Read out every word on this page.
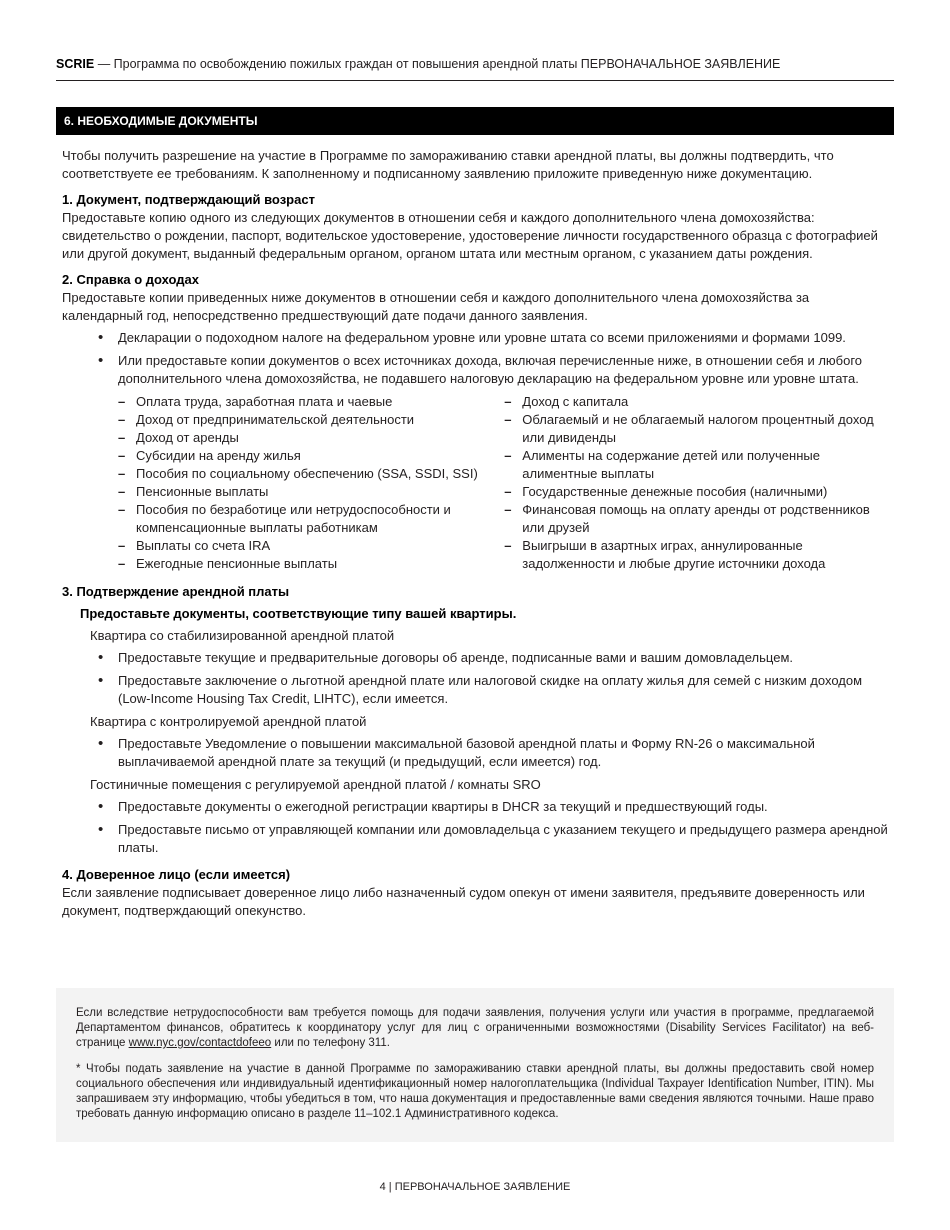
SCRIE — Программа по освобождению пожилых граждан от повышения арендной платы ПЕРВОНАЧАЛЬНОЕ ЗАЯВЛЕНИЕ
6. НЕОБХОДИМЫЕ ДОКУМЕНТЫ

Чтобы получить разрешение на участие в Программе по замораживанию ставки арендной платы, вы должны подтвердить, что соответствуете ее требованиям. К заполненному и подписанному заявлению приложите приведенную ниже документацию.

1. Документ, подтверждающий возраст

Предоставьте копию одного из следующих документов в отношении себя и каждого дополнительного члена домохозяйства: свидетельство о рождении, паспорт, водительское удостоверение, удостоверение личности государственного образца с фотографией или другой документ, выданный федеральным органом, органом штата или местным органом, с указанием даты рождения.

2. Справка о доходах

Предоставьте копии приведенных ниже документов в отношении себя и каждого дополнительного члена домохозяйства за календарный год, непосредственно предшествующий дате подачи данного заявления.

• Декларации о подоходном налоге на федеральном уровне или уровне штата со всеми приложениями и формами 1099.
• Или предоставьте копии документов о всех источниках дохода, включая перечисленные ниже, в отношении себя и любого дополнительного члена домохозяйства, не подавшего налоговую декларацию на федеральном уровне или уровне штата.
– Оплата труда, заработная плата и чаевые
– Доход от предпринимательской деятельности
– Доход от аренды
– Субсидии на аренду жилья
– Пособия по социальному обеспечению (SSA, SSDI, SSI)
– Пенсионные выплаты
– Пособия по безработице или нетрудоспособности и компенсационные выплаты работникам
– Выплаты со счета IRA
– Ежегодные пенсионные выплаты
– Доход с капитала
– Облагаемый и не облагаемый налогом процентный доход или дивиденды
– Алименты на содержание детей или полученные алиментные выплаты
– Государственные денежные пособия (наличными)
– Финансовая помощь на оплату аренды от родственников или друзей
– Выигрыши в азартных играх, аннулированные задолженности и любые другие источники дохода

3. Подтверждение арендной платы

Предоставьте документы, соответствующие типу вашей квартиры.

Квартира со стабилизированной арендной платой

• Предоставьте текущие и предварительные договоры об аренде, подписанные вами и вашим домовладельцем.
• Предоставьте заключение о льготной арендной плате или налоговой скидке на оплату жилья для семей с низким доходом (Low-Income Housing Tax Credit, LIHTC), если имеется.

Квартира с контролируемой арендной платой

• Предоставьте Уведомление о повышении максимальной базовой арендной платы и Форму RN-26 о максимальной выплачиваемой арендной плате за текущий (и предыдущий, если имеется) год.

Гостиничные помещения с регулируемой арендной платой / комнаты SRO

• Предоставьте документы о ежегодной регистрации квартиры в DHCR за текущий и предшествующий годы.
• Предоставьте письмо от управляющей компании или домовладельца с указанием текущего и предыдущего размера арендной платы.

4. Доверенное лицо (если имеется)

Если заявление подписывает доверенное лицо либо назначенный судом опекун от имени заявителя, предъявите доверенность или документ, подтверждающий опекунство.

Если вследствие нетрудоспособности вам требуется помощь для подачи заявления, получения услуги или участия в программе, предлагаемой Департаментом финансов, обратитесь к координатору услуг для лиц с ограниченными возможностями (Disability Services Facilitator) на веб-странице www.nyc.gov/contactdofeeo или по телефону 311.

* Чтобы подать заявление на участие в данной Программе по замораживанию ставки арендной платы, вы должны предоставить свой номер социального обеспечения или индивидуальный идентификационный номер налогоплательщика (Individual Taxpayer Identification Number, ITIN). Мы запрашиваем эту информацию, чтобы убедиться в том, что наша документация и предоставленные вами сведения являются точными. Наше право требовать данную информацию описано в разделе 11–102.1 Административного кодекса.

4 | ПЕРВОНАЧАЛЬНОЕ ЗАЯВЛЕНИЕ
